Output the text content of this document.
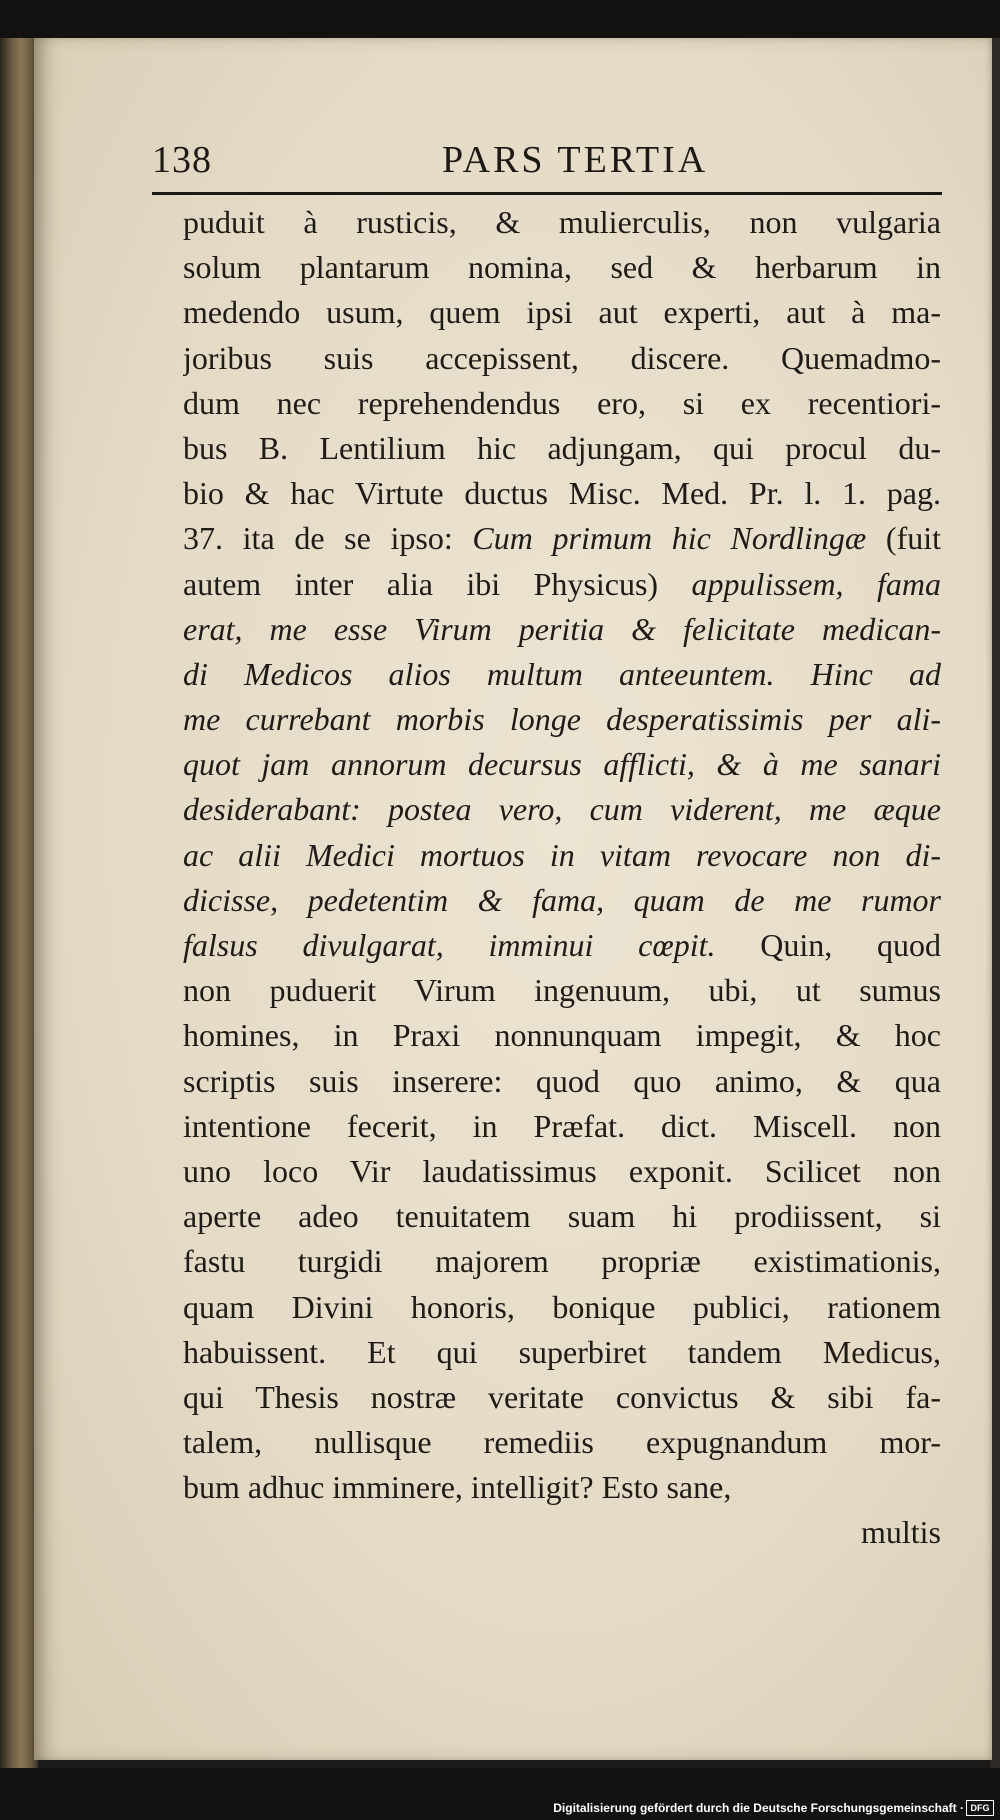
138	PARS TERTIA
puduit à rusticis, & mulierculis, non vulgaria
solum plantarum nomina, sed & herbarum in
medendo usum, quem ipsi aut experti, aut à ma-
joribus suis accepissent, discere. Quemadmo-
dum nec reprehendendus ero, si ex recentiori-
bus B. Lentilium hic adjungam, qui procul du-
bio & hac Virtute ductus Misc. Med. Pr. l. 1. pag.
37. ita de se ipso: Cum primum hic Nordlingæ (fuit
autem inter alia ibi Physicus) appulissem, fama
erat, me esse Virum peritia & felicitate medican-
di Medicos alios multum anteeuntem. Hinc ad
me currebant morbis longe desperatissimis per ali-
quot jam annorum decursus afflicti, & à me sanari
desiderabant: postea vero, cum viderent, me æque
ac alii Medici mortuos in vitam revocare non di-
dicisse, pedetentim & fama, quam de me rumor
falsus divulgarat, imminui cœpit. Quin, quod
non puduerit Virum ingenuum, ubi, ut sumus
homines, in Praxi nonnunquam impegit, & hoc
scriptis suis inserere: quod quo animo, & qua
intentione fecerit, in Præfat. dict. Miscell. non
uno loco Vir laudatissimus exponit. Scilicet non
aperte adeo tenuitatem suam hi prodiissent, si
fastu turgidi majorem propriæ existimationis,
quam Divini honoris, bonique publici, rationem
habuissent. Et qui superbiret tandem Medicus,
qui Thesis nostræ veritate convictus & sibi fa-
talem, nullisque remediis expugnandum mor-
bum adhuc imminere, intelligit? Esto sane,
multis
Digitalisierung gefördert durch die Deutsche Forschungsgemeinschaft · DFG
